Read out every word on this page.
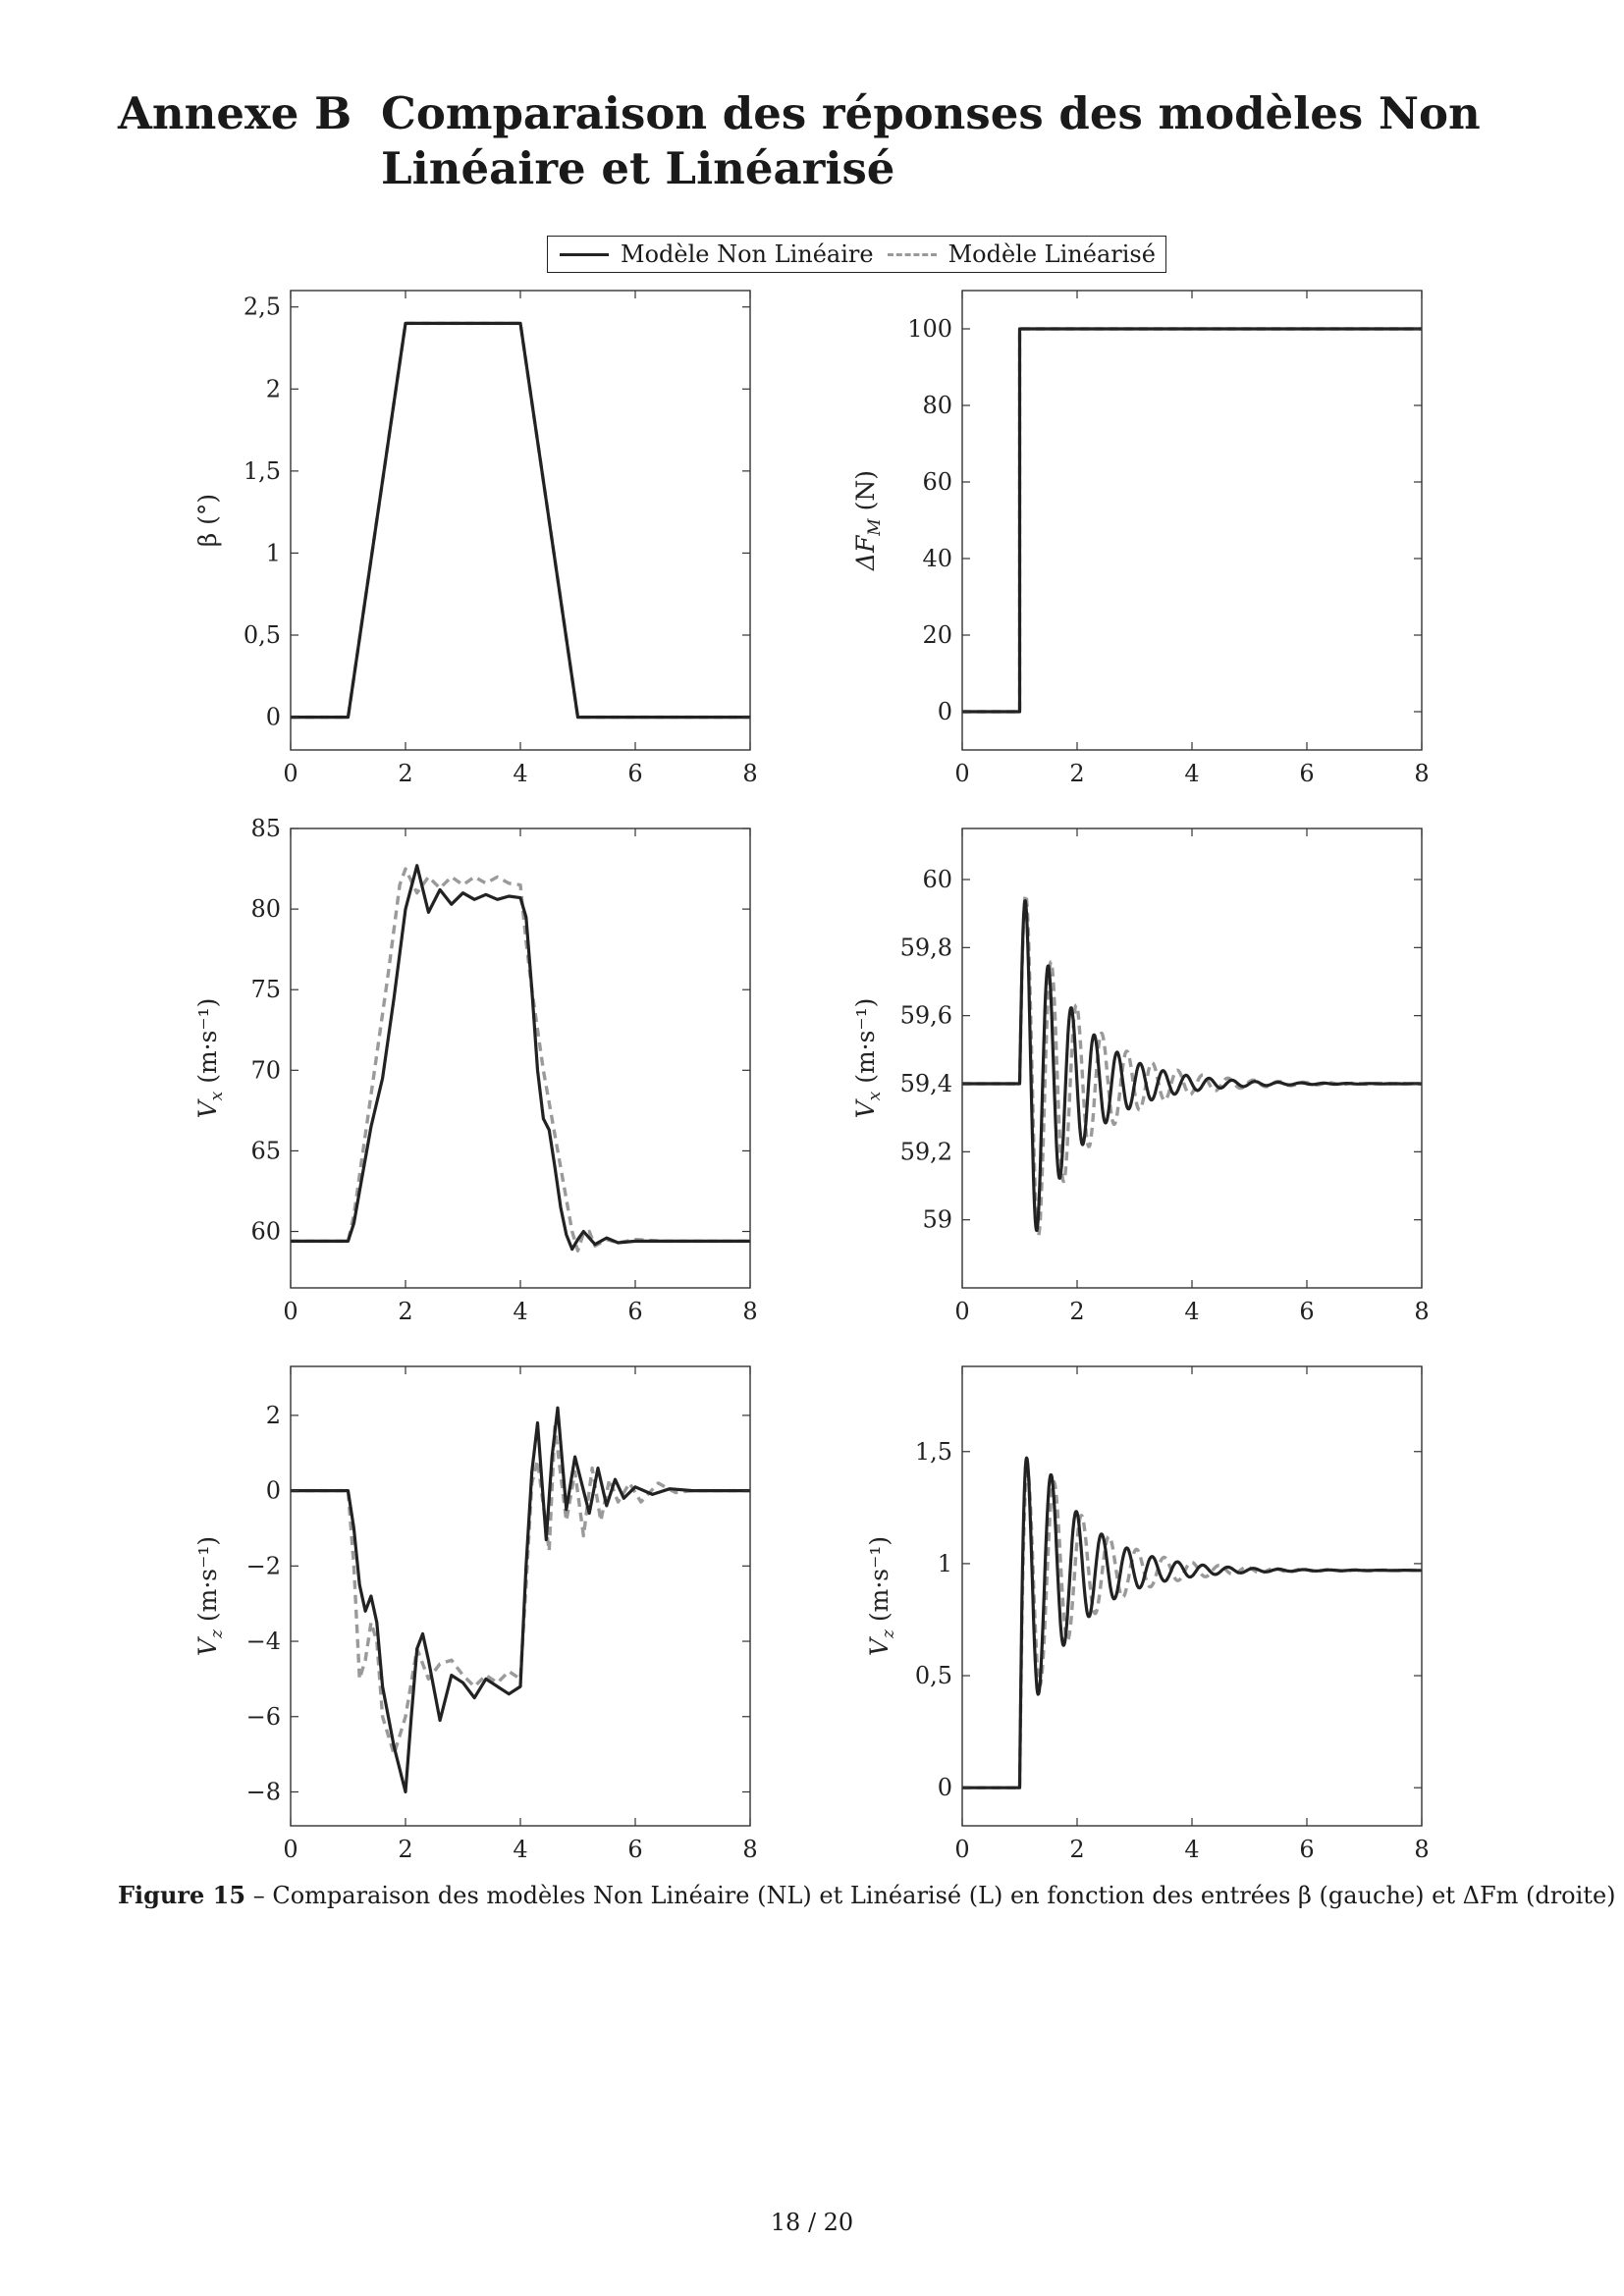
Annexe B Comparaison des réponses des modèles Non Linéaire et Linéarisé
Modèle Non Linéaire	Modèle Linéarisé
0	2	4	6	8
0
0,5
1
1,5
2
2,5
β (°)
0	2	4	6	8
0
20
40
60
80
100
$\Delta F_M$ (N)
0	2	4	6	8
60
65
70
75
80
85
$V_x$ (m·s⁻¹)
0	2	4	6	8
59
59,2
59,4
59,6
59,8
60
$V_x$ (m·s⁻¹)
0	2	4	6	8
−8
−6
−4
−2
0
2
$V_z$ (m·s⁻¹)
0	2	4	6	8
0
0,5
1
1,5
$V_z$ (m·s⁻¹)
Figure 15 – Comparaison des modèles Non Linéaire (NL) et Linéarisé (L) en fonction des entrées β (gauche) et ΔFm (droite)
18 / 20
